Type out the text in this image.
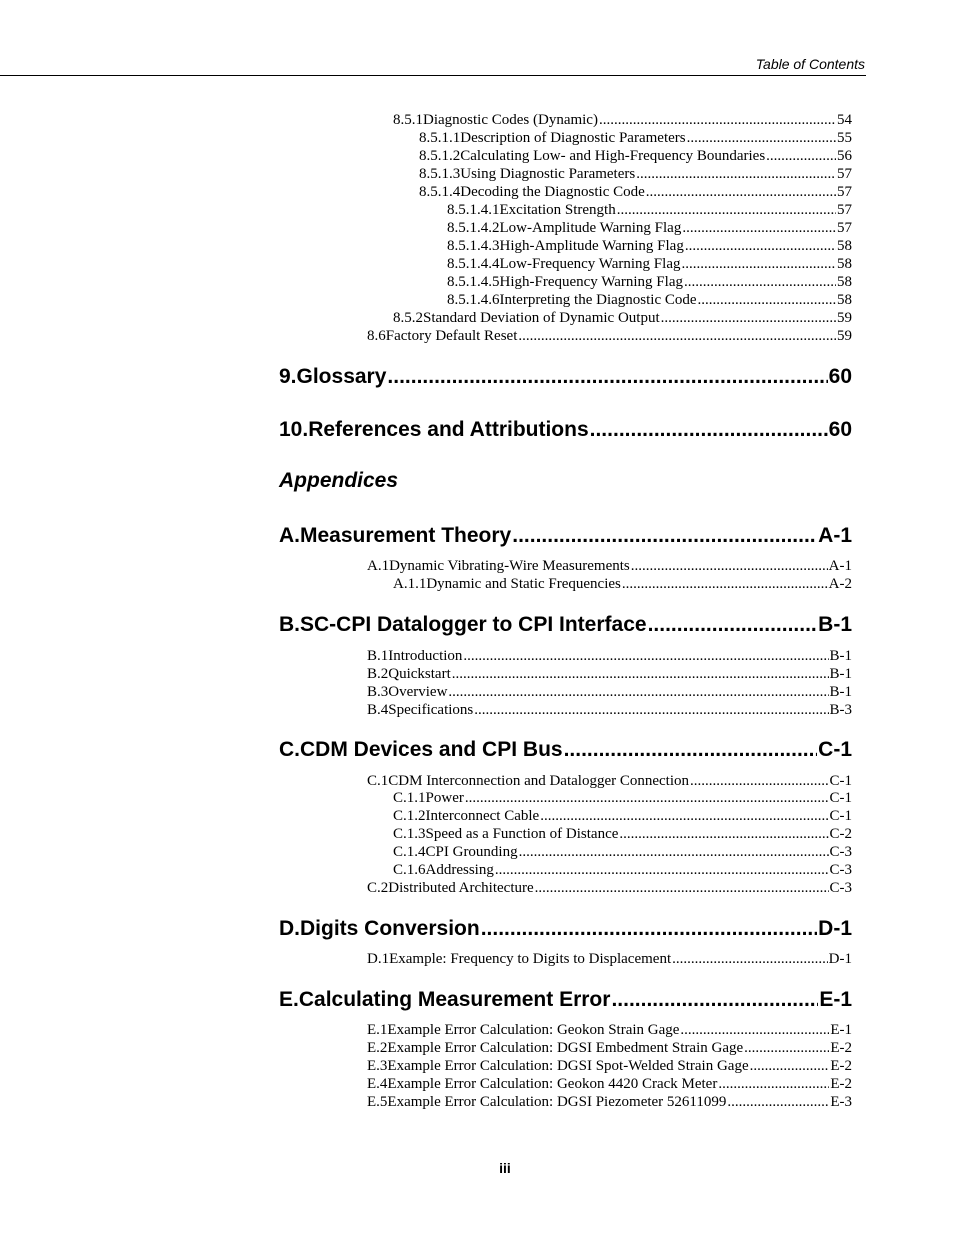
Table of Contents
8.5.1 Diagnostic Codes (Dynamic) .....	54
8.5.1.1 Description of Diagnostic Parameters .....	55
8.5.1.2 Calculating Low- and High-Frequency Boundaries .....	56
8.5.1.3 Using Diagnostic Parameters .....	57
8.5.1.4 Decoding the Diagnostic Code .....	57
8.5.1.4.1 Excitation Strength .....	57
8.5.1.4.2 Low-Amplitude Warning Flag .....	57
8.5.1.4.3 High-Amplitude Warning Flag .....	58
8.5.1.4.4 Low-Frequency Warning Flag .....	58
8.5.1.4.5 High-Frequency Warning Flag .....	58
8.5.1.4.6 Interpreting the Diagnostic Code .....	58
8.5.2 Standard Deviation of Dynamic Output .....	59
8.6 Factory Default Reset .....	59
9. Glossary .....	60
10. References and Attributions .....	60
Appendices
A. Measurement Theory .....	A-1
A.1 Dynamic Vibrating-Wire Measurements .....	A-1
A.1.1 Dynamic and Static Frequencies .....	A-2
B. SC-CPI Datalogger to CPI Interface .....	B-1
B.1 Introduction .....	B-1
B.2 Quickstart .....	B-1
B.3 Overview .....	B-1
B.4 Specifications .....	B-3
C. CDM Devices and CPI Bus .....	C-1
C.1 CDM Interconnection and Datalogger Connection .....	C-1
C.1.1 Power .....	C-1
C.1.2 Interconnect Cable .....	C-1
C.1.3 Speed as a Function of Distance .....	C-2
C.1.4 CPI Grounding .....	C-3
C.1.6 Addressing .....	C-3
C.2 Distributed Architecture .....	C-3
D. Digits Conversion .....	D-1
D.1 Example: Frequency to Digits to Displacement .....	D-1
E. Calculating Measurement Error .....	E-1
E.1 Example Error Calculation: Geokon Strain Gage .....	E-1
E.2 Example Error Calculation: DGSI Embedment Strain Gage .....	E-2
E.3 Example Error Calculation: DGSI Spot-Welded Strain Gage .....	E-2
E.4 Example Error Calculation: Geokon 4420 Crack Meter .....	E-2
E.5 Example Error Calculation: DGSI Piezometer 52611099 .....	E-3
iii
